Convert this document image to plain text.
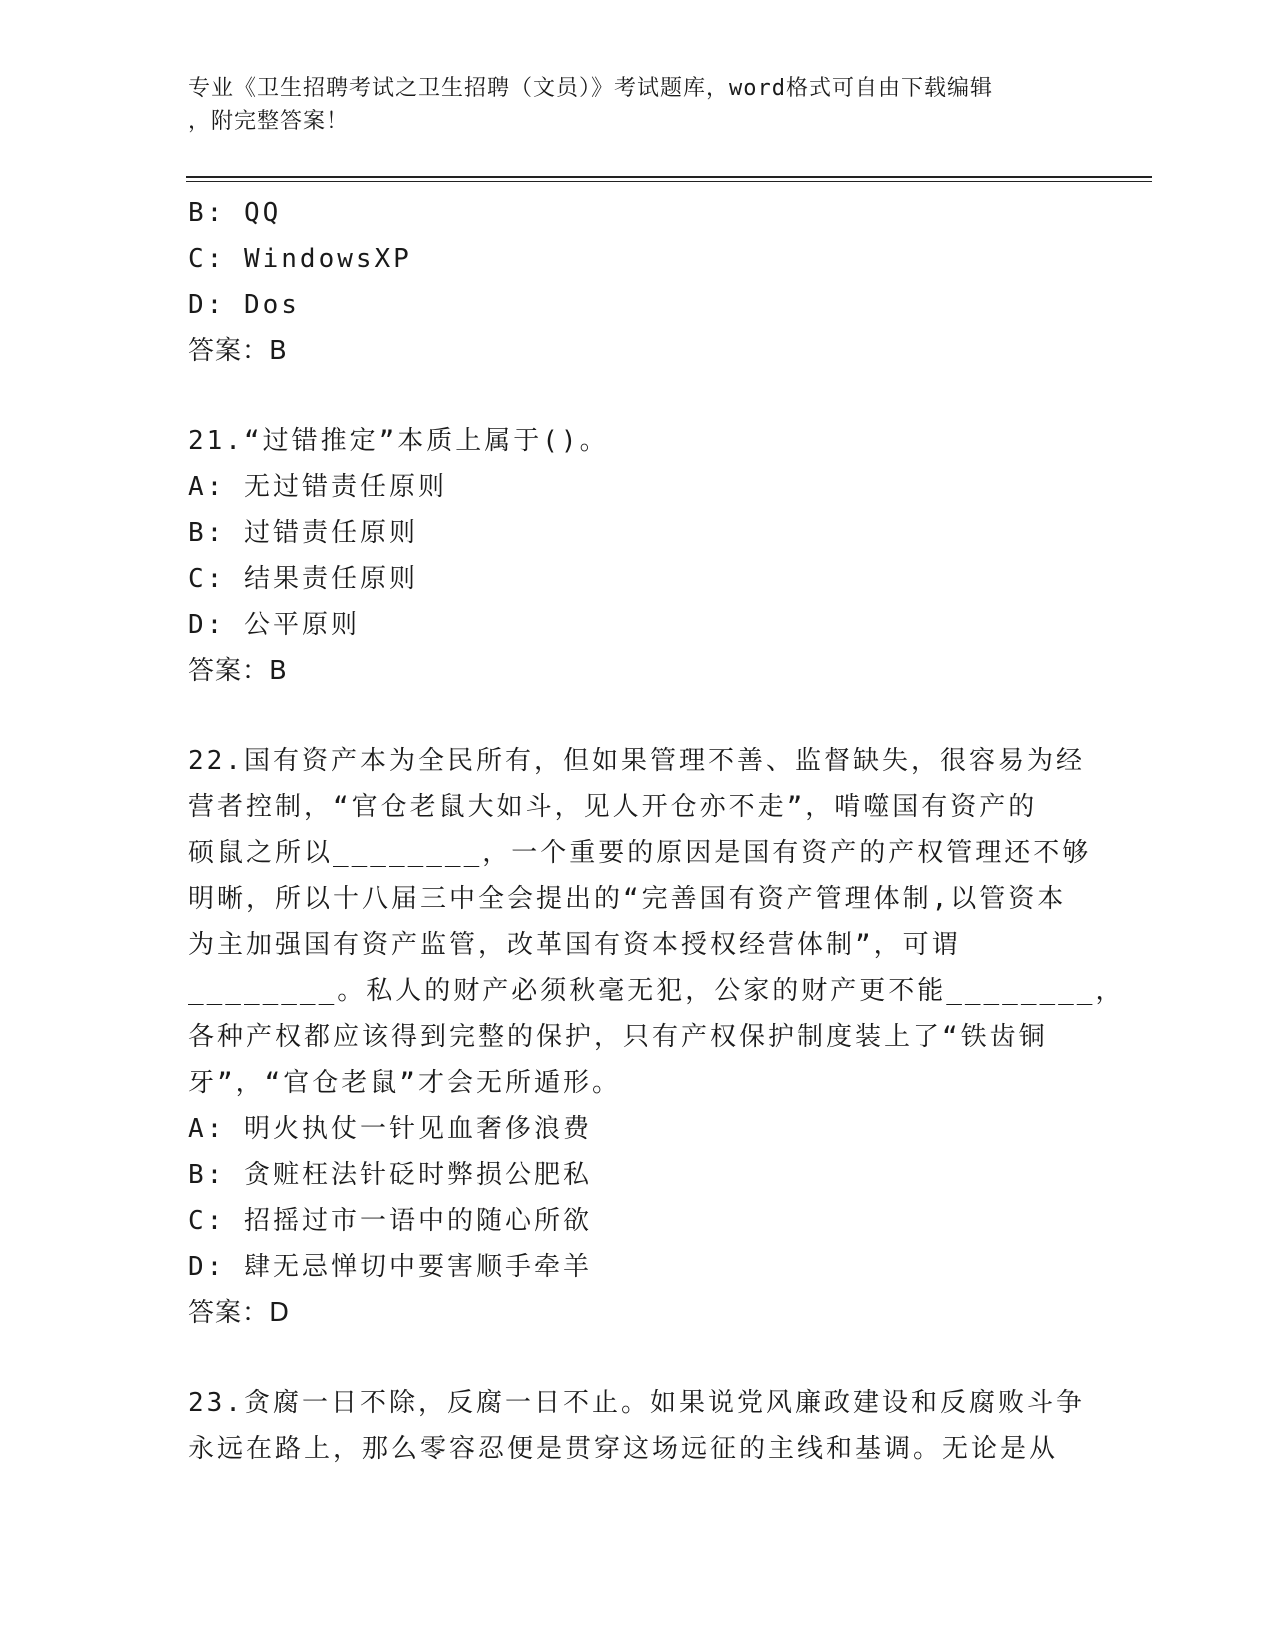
专业《卫生招聘考试之卫生招聘（文员）》考试题库，word格式可自由下载编辑
，附完整答案！
B: QQ
C: WindowsXP
D: Dos
答案：B
21.“过错推定”本质上属于()。
A: 无过错责任原则
B: 过错责任原则
C: 结果责任原则
D: 公平原则
答案：B
22.国有资产本为全民所有，但如果管理不善、监督缺失，很容易为经
营者控制，“官仓老鼠大如斗，见人开仓亦不走”，啃噬国有资产的
硕鼠之所以________，一个重要的原因是国有资产的产权管理还不够
明晰，所以十八届三中全会提出的“完善国有资产管理体制,以管资本
为主加强国有资产监管，改革国有资本授权经营体制”，可谓
________。私人的财产必须秋毫无犯，公家的财产更不能________，
各种产权都应该得到完整的保护，只有产权保护制度装上了“铁齿铜
牙”，“官仓老鼠”才会无所遁形。
A: 明火执仗一针见血奢侈浪费
B: 贪赃枉法针砭时弊损公肥私
C: 招摇过市一语中的随心所欲
D: 肆无忌惮切中要害顺手牵羊
答案：D
23.贪腐一日不除，反腐一日不止。如果说党风廉政建设和反腐败斗争
永远在路上，那么零容忍便是贯穿这场远征的主线和基调。无论是从
